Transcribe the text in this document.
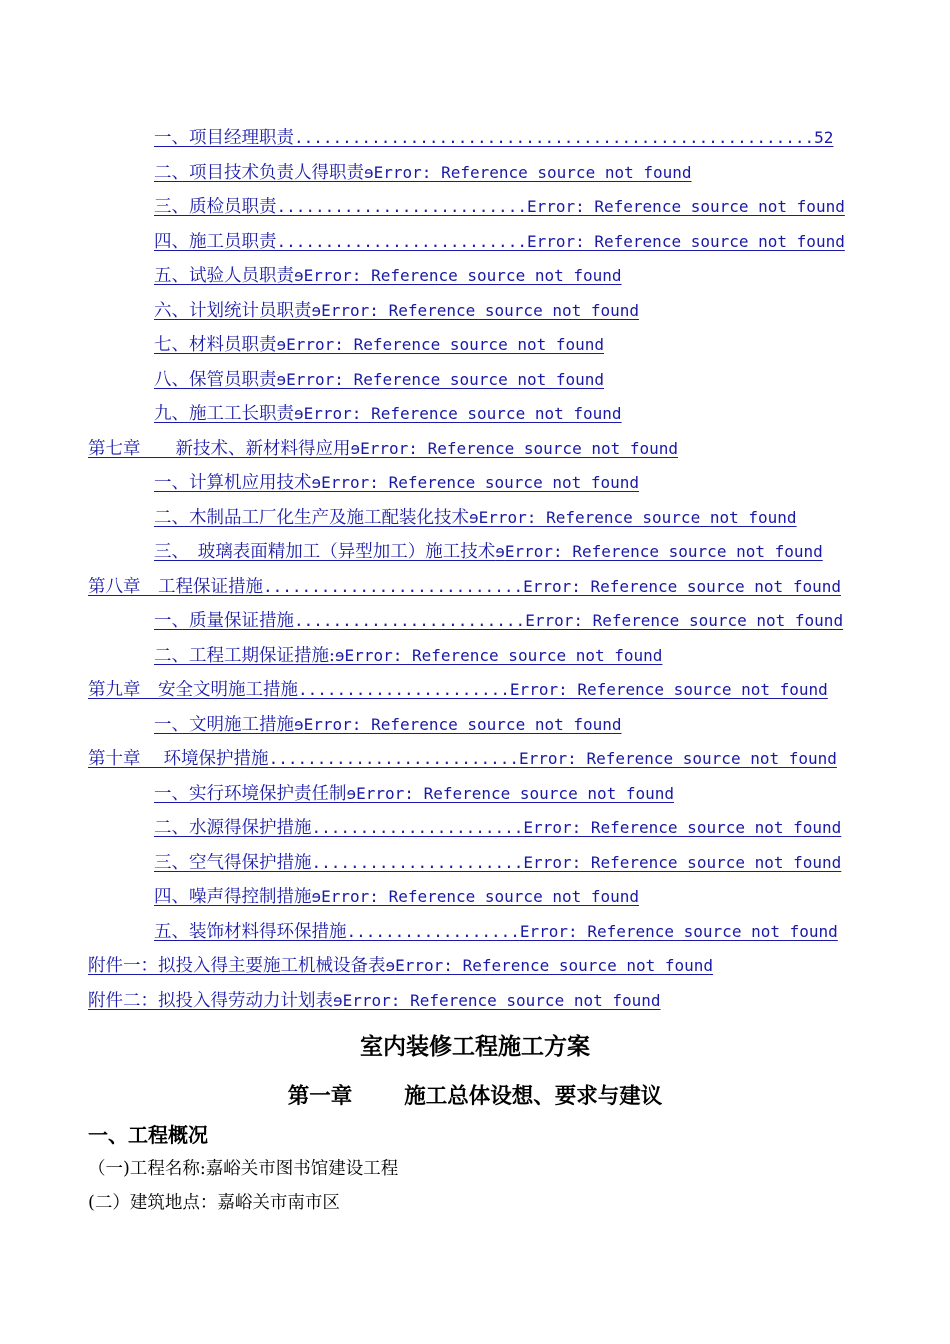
一、项目经理职责......................................................52
二、项目技术负责人得职责ɘError: Reference source not found
三、质检员职责..........................Error: Reference source not found
四、施工员职责..........................Error: Reference source not found
五、试验人员职责ɘError: Reference source not found
六、计划统计员职责ɘError: Reference source not found
七、材料员职责ɘError: Reference source not found
八、保管员职责ɘError: Reference source not found
九、施工工长职责ɘError: Reference source not found
第七章　　新技术、新材料得应用ɘError: Reference source not found
一、计算机应用技术ɘError: Reference source not found
二、木制品工厂化生产及施工配装化技术ɘError: Reference source not found
三、　玻璃表面精加工（异型加工）施工技术ɘError: Reference source not found
第八章　工程保证措施...........................Error: Reference source not found
一、质量保证措施........................Error: Reference source not found
二、工程工期保证措施:ɘError: Reference source not found
第九章　安全文明施工措施......................Error: Reference source not found
一、文明施工措施ɘError: Reference source not found
第十章　 环境保护措施..........................Error: Reference source not found
一、实行环境保护责任制ɘError: Reference source not found
二、水源得保护措施......................Error: Reference source not found
三、空气得保护措施......................Error: Reference source not found
四、噪声得控制措施ɘError: Reference source not found
五、装饰材料得环保措施..................Error: Reference source not found
附件一：拟投入得主要施工机械设备表ɘError: Reference source not found
附件二：拟投入得劳动力计划表ɘError: Reference source not found
室内装修工程施工方案
第一章 施工总体设想、要求与建议
一、工程概况
（一)工程名称:嘉峪关市图书馆建设工程
(二）建筑地点：嘉峪关市南市区
